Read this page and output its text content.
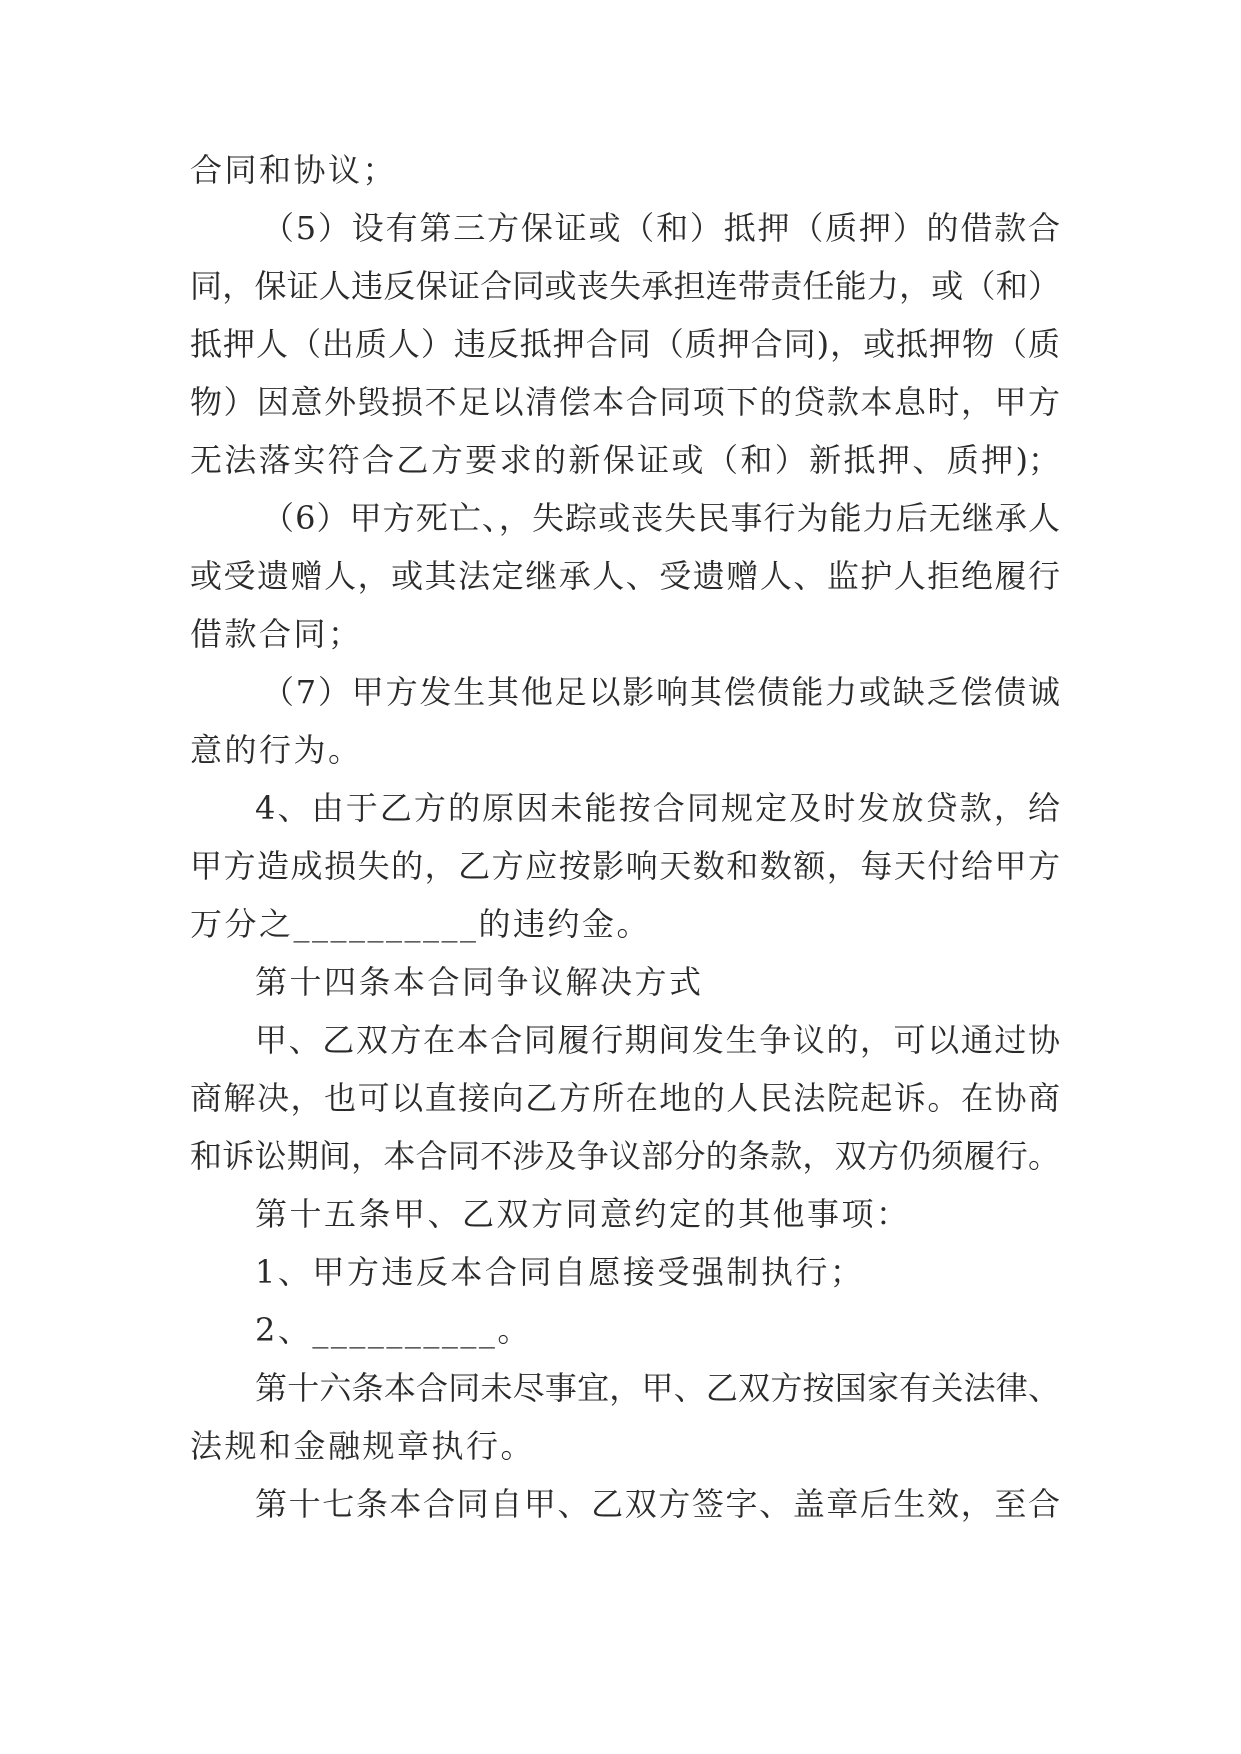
合同和协议；

（5）设有第三方保证或（和）抵押（质押）的借款合

同，保证人违反保证合同或丧失承担连带责任能力，或（和）

抵押人（出质人）违反抵押合同（质押合同)，或抵押物（质

物）因意外毁损不足以清偿本合同项下的贷款本息时，甲方

无法落实符合乙方要求的新保证或（和）新抵押、质押)；

（6）甲方死亡、，失踪或丧失民事行为能力后无继承人

或受遗赠人，或其法定继承人、受遗赠人、监护人拒绝履行

借款合同；

（7）甲方发生其他足以影响其偿债能力或缺乏偿债诚

意的行为。

4、由于乙方的原因未能按合同规定及时发放贷款，给

甲方造成损失的，乙方应按影响天数和数额，每天付给甲方

万分之__________的违约金。

第十四条本合同争议解决方式

甲、乙双方在本合同履行期间发生争议的，可以通过协

商解决，也可以直接向乙方所在地的人民法院起诉。在协商

和诉讼期间，本合同不涉及争议部分的条款，双方仍须履行。

第十五条甲、乙双方同意约定的其他事项：

1、甲方违反本合同自愿接受强制执行；

2、__________。

第十六条本合同未尽事宜，甲、乙双方按国家有关法律、

法规和金融规章执行。

第十七条本合同自甲、乙双方签字、盖章后生效，至合
